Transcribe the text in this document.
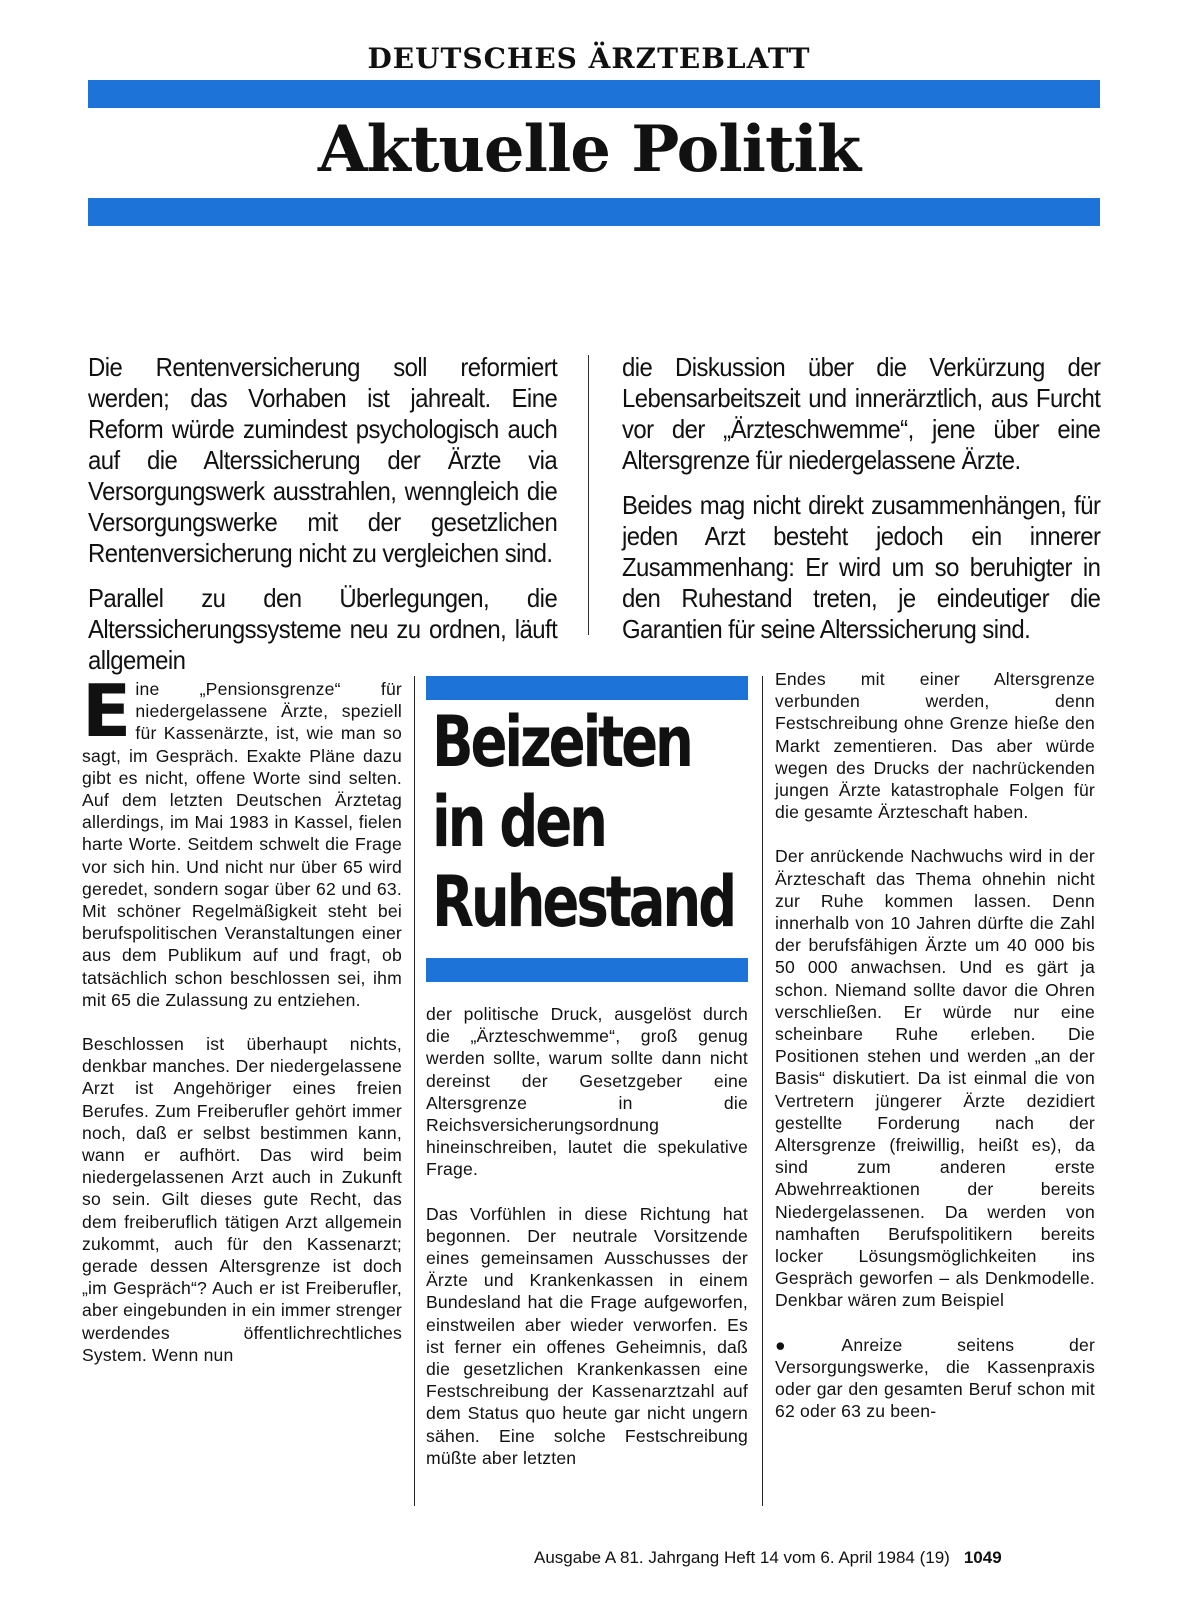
DEUTSCHES ÄRZTEBLATT
Aktuelle Politik

Die Rentenversicherung soll reformiert werden; das Vorhaben ist jahrealt. Eine Reform würde zumindest psychologisch auch auf die Alterssicherung der Ärzte via Versorgungswerk ausstrahlen, wenngleich die Versorgungswerke mit der gesetzlichen Rentenversicherung nicht zu vergleichen sind.

Parallel zu den Überlegungen, die Alterssicherungssysteme neu zu ordnen, läuft allgemein

die Diskussion über die Verkürzung der Lebensarbeitszeit und innerärztlich, aus Furcht vor der „Ärzteschwemme“, jene über eine Altersgrenze für niedergelassene Ärzte.

Beides mag nicht direkt zusammenhängen, für jeden Arzt besteht jedoch ein innerer Zusammenhang: Er wird um so beruhigter in den Ruhestand treten, je eindeutiger die Garantien für seine Alterssicherung sind.

Eine „Pensionsgrenze“ für niedergelassene Ärzte, speziell für Kassenärzte, ist, wie man so sagt, im Gespräch. Exakte Pläne dazu gibt es nicht, offene Worte sind selten. Auf dem letzten Deutschen Ärztetag allerdings, im Mai 1983 in Kassel, fielen harte Worte. Seitdem schwelt die Frage vor sich hin. Und nicht nur über 65 wird geredet, sondern sogar über 62 und 63. Mit schöner Regelmäßigkeit steht bei berufspolitischen Veranstaltungen einer aus dem Publikum auf und fragt, ob tatsächlich schon beschlossen sei, ihm mit 65 die Zulassung zu entziehen.

Beschlossen ist überhaupt nichts, denkbar manches. Der niedergelassene Arzt ist Angehöriger eines freien Berufes. Zum Freiberufler gehört immer noch, daß er selbst bestimmen kann, wann er aufhört. Das wird beim niedergelassenen Arzt auch in Zukunft so sein. Gilt dieses gute Recht, das dem freiberuflich tätigen Arzt allgemein zukommt, auch für den Kassenarzt; gerade dessen Altersgrenze ist doch „im Gespräch“? Auch er ist Freiberufler, aber eingebunden in ein immer strenger werdendes öffentlichrechtliches System. Wenn nun

Beizeiten
in den
Ruhestand

der politische Druck, ausgelöst durch die „Ärzteschwemme“, groß genug werden sollte, warum sollte dann nicht dereinst der Gesetzgeber eine Altersgrenze in die Reichsversicherungsordnung hineinschreiben, lautet die spekulative Frage.

Das Vorfühlen in diese Richtung hat begonnen. Der neutrale Vorsitzende eines gemeinsamen Ausschusses der Ärzte und Krankenkassen in einem Bundesland hat die Frage aufgeworfen, einstweilen aber wieder verworfen. Es ist ferner ein offenes Geheimnis, daß die gesetzlichen Krankenkassen eine Festschreibung der Kassenarztzahl auf dem Status quo heute gar nicht ungern sähen. Eine solche Festschreibung müßte aber letzten

Endes mit einer Altersgrenze verbunden werden, denn Festschreibung ohne Grenze hieße den Markt zementieren. Das aber würde wegen des Drucks der nachrückenden jungen Ärzte katastrophale Folgen für die gesamte Ärzteschaft haben.

Der anrückende Nachwuchs wird in der Ärzteschaft das Thema ohnehin nicht zur Ruhe kommen lassen. Denn innerhalb von 10 Jahren dürfte die Zahl der berufsfähigen Ärzte um 40 000 bis 50 000 anwachsen. Und es gärt ja schon. Niemand sollte davor die Ohren verschließen. Er würde nur eine scheinbare Ruhe erleben. Die Positionen stehen und werden „an der Basis“ diskutiert. Da ist einmal die von Vertretern jüngerer Ärzte dezidiert gestellte Forderung nach der Altersgrenze (freiwillig, heißt es), da sind zum anderen erste Abwehrreaktionen der bereits Niedergelassenen. Da werden von namhaften Berufspolitikern bereits locker Lösungsmöglichkeiten ins Gespräch geworfen – als Denkmodelle. Denkbar wären zum Beispiel

● Anreize seitens der Versorgungswerke, die Kassenpraxis oder gar den gesamten Beruf schon mit 62 oder 63 zu been-

Ausgabe A 81. Jahrgang Heft 14 vom 6. April 1984 (19) 1049
